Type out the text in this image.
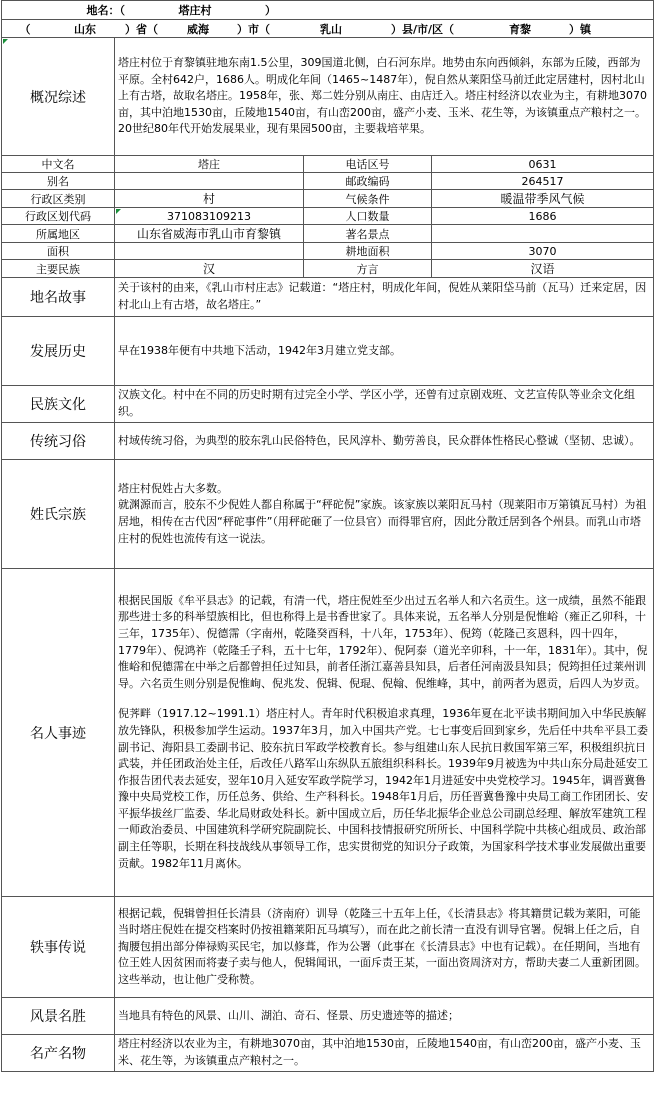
地名：（ 塔庄村 ）			
（ 山东 ）省（ 威海 ）市（ 乳山 ）县/市/区（ 育黎 ）镇			
概况综述	塔庄村位于育黎镇驻地东南1.5公里，309国道北侧，白石河东岸。地势由东向西倾斜，东部为丘陵，西部为平原。全村642户，1686人。明成化年间（1465~1487年），倪自然从莱阳垈马前迁此定居建村，因村北山上有古塔，故取名塔庄。1958年，张、郑二姓分别从南庄、由店迁入。塔庄村经济以农业为主，有耕地3070亩，其中泊地1530亩，丘陵地1540亩，有山峦200亩，盛产小麦、玉米、花生等，为该镇重点产粮村之一。20世纪80年代开始发展果业，现有果园500亩，主要栽培苹果。		
中文名	塔庄	电话区号	0631
别名		邮政编码	264517
行政区类别	村	气候条件	暖温带季风气候
行政区划代码	371083109213	人口数量	1686
所属地区	山东省威海市乳山市育黎镇	著名景点	
面积		耕地面积	3070
主要民族	汉	方言	汉语
地名故事	关于该村的由来，《乳山市村庄志》记载道：“塔庄村，明成化年间，倪姓从莱阳垈马前（瓦马）迁来定居，因村北山上有古塔，故名塔庄。”		
发展历史	早在1938年便有中共地下活动，1942年3月建立党支部。		
民族文化	汉族文化。村中在不同的历史时期有过完全小学、学区小学，还曾有过京剧戏班、文艺宣传队等业余文化组织。		
传统习俗	村域传统习俗，为典型的胶东乳山民俗特色，民风淳朴、勤劳善良，民众群体性格民心整诚（坚韧、忠诚）。		
姓氏宗族	塔庄村倪姓占大多数。

就渊源而言，胶东不少倪姓人都自称属于“秤砣倪”家族。该家族以莱阳瓦马村（现莱阳市万第镇瓦马村）为祖居地，相传在古代因“秤砣事件”（用秤砣砸了一位县官）而得罪官府，因此分散迁居到各个州县。而乳山市塔庄村的倪姓也流传有这一说法。		

名人事迹	根据民国版《牟平县志》的记载，有清一代，塔庄倪姓至少出过五名举人和六名贡生。这一成绩，虽然不能跟那些进士多的科举望族相比，但也称得上是书香世家了。具体来说，五名举人分别是倪惟峪（雍正乙卯科，十三年，1735年）、倪德霈（字南州，乾隆癸酉科，十八年，1753年）、倪筠（乾隆己亥恩科，四十四年，1779年）、倪鸿祚（乾隆壬子科，五十七年，1792年）、倪阿泰（道光辛卯科，十一年，1831年）。其中，倪惟峪和倪德霈在中举之后都曾担任过知县，前者任浙江嘉善县知县，后者任河南汲县知县；倪筠担任过莱州训导。六名贡生则分别是倪惟峋、倪兆发、倪辑、倪琨、倪翰、倪维峰，其中，前两者为恩贡，后四人为岁贡。

倪荠畔（1917.12~1991.1）塔庄村人。青年时代积极追求真理，1936年夏在北平读书期间加入中华民族解放先锋队，积极参加学生运动。1937年3月，加入中国共产党。七七事变后回到家乡，先后任中共牟平县工委副书记、海阳县工委副书记、胶东抗日军政学校教育长。参与组建山东人民抗日救国军第三军，积极组织抗日武装，并任团政治处主任，后改任八路军山东纵队五旅组织科科长。1939年9月被选为中共山东分局赴延安工作报告团代表去延安，翌年10月入延安军政学院学习，1942年1月进延安中央党校学习。1945年，调晋冀鲁豫中央局党校工作，历任总务、供给、生产科科长。1948年1月后，历任晋冀鲁豫中央局工商工作团团长、安平振华拔丝厂监委、华北局财政处科长。新中国成立后，历任华北振华企业总公司副总经理、解放军建筑工程一师政治委员、中国建筑科学研究院副院长、中国科技情报研究所所长、中国科学院中共核心组成员、政治部副主任等职，长期在科技战线从事领导工作，忠实贯彻党的知识分子政策，为国家科学技术事业发展做出重要贡献。1982年11月离休。		

轶事传说	根据记载，倪辑曾担任长清县（济南府）训导（乾隆三十五年上任，《长清县志》将其籍贯记载为莱阳，可能当时塔庄倪姓在提交档案时仍按祖籍莱阳瓦马填写），而在此之前长清一直没有训导官署。倪辑上任之后，自掏腰包捐出部分俸禄购买民宅，加以修葺，作为公署（此事在《长清县志》中也有记载）。在任期间，当地有位王姓人因贫困而将妻子卖与他人，倪辑闻讯，一面斥责王某，一面出资周济对方，帮助夫妻二人重新团圆。这些举动，也让他广受称赞。		
风景名胜	当地具有特色的风景、山川、湖泊、奇石、怪景、历史遗迹等的描述；		
名产名物	塔庄村经济以农业为主，有耕地3070亩，其中泊地1530亩，丘陵地1540亩，有山峦200亩，盛产小麦、玉米、花生等，为该镇重点产粮村之一。		
